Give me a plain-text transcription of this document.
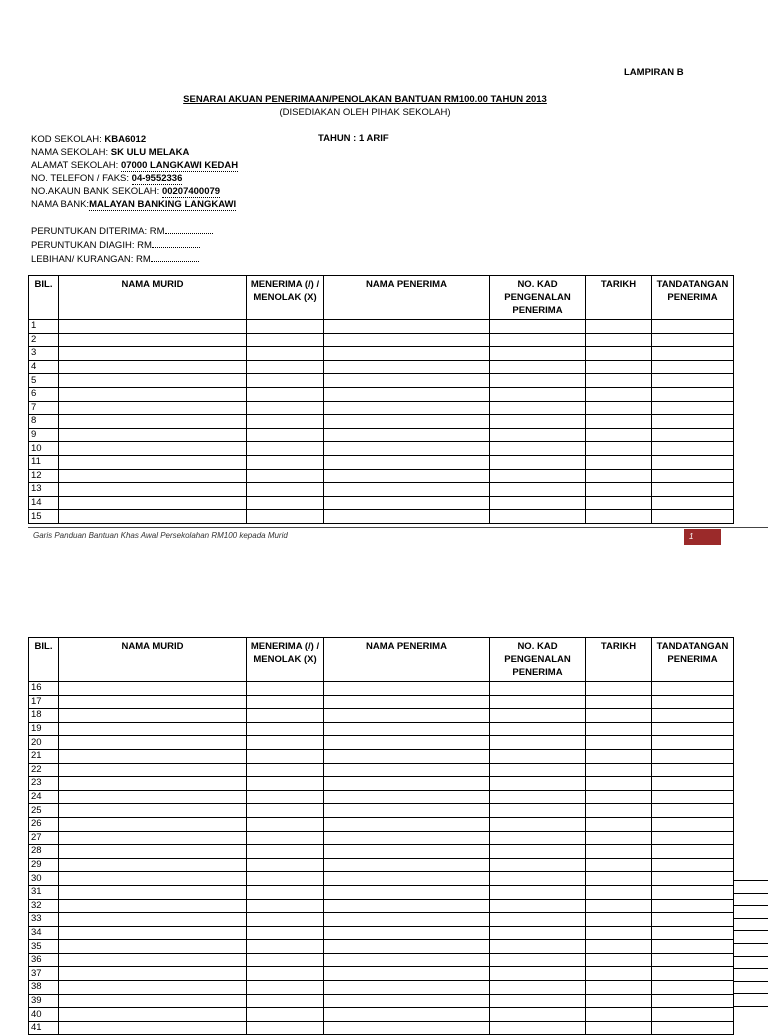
LAMPIRAN B
SENARAI AKUAN PENERIMAAN/PENOLAKAN BANTUAN RM100.00 TAHUN 2013
(DISEDIAKAN OLEH PIHAK SEKOLAH)
KOD SEKOLAH: KBA6012
NAMA SEKOLAH: SK ULU MELAKA
ALAMAT SEKOLAH: 07000 LANGKAWI KEDAH
NO. TELEFON / FAKS: 04-9552336
NO.AKAUN BANK SEKOLAH: 00207400079
NAMA BANK:MALAYAN BANKING LANGKAWI
TAHUN : 1 ARIF
PERUNTUKAN DITERIMA: RM
PERUNTUKAN DIAGIH: RM
LEBIHAN/ KURANGAN: RM
BIL.	NAMA MURID	MENERIMA (/) / MENOLAK (X)	NAMA PENERIMA	NO. KAD PENGENALAN PENERIMA	TARIKH	TANDATANGAN PENERIMA
1						
2						
3						
4						
5						
6						
7						
8						
9						
10						
11						
12						
13						
14						
15						
Garis Panduan Bantuan Khas Awal Persekolahan RM100 kepada Murid	1
BIL.	NAMA MURID	MENERIMA (/) / MENOLAK (X)	NAMA PENERIMA	NO. KAD PENGENALAN PENERIMA	TARIKH	TANDATANGAN PENERIMA
16						
17						
18						
19						
20						
21						
22						
23						
24						
25						
26						
27						
28						
29						
30						
31						
32						
33						
34						
35						
36						
37						
38						
39						
40						
41						
